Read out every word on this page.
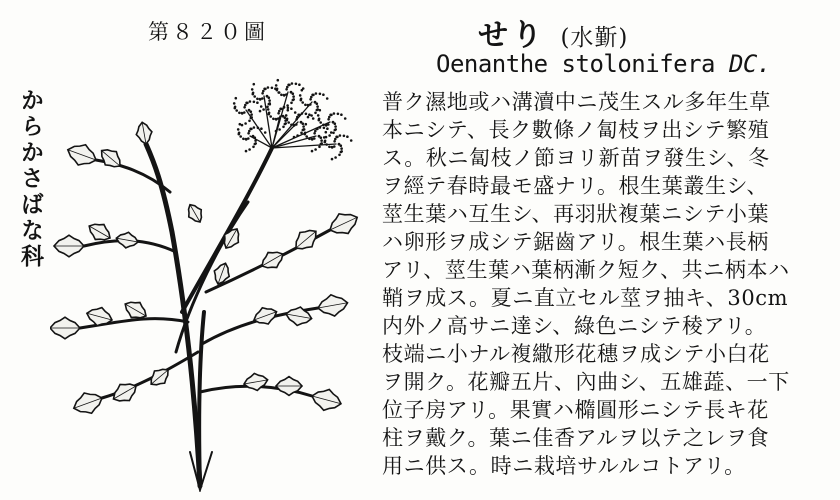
第８２０圖
からかさばな科
せり (水斳)
Oenanthe stolonifera DC.
普ク濕地或ハ溝瀆中ニ茂生スル多年生草
本ニシテ、長ク數條ノ匐枝ヲ出シテ繁殖
ス。秋ニ匐枝ノ節ヨリ新苗ヲ發生シ、冬
ヲ經テ春時最モ盛ナリ。根生葉叢生シ、
莖生葉ハ互生シ、再羽狀複葉ニシテ小葉
ハ卵形ヲ成シテ鋸齒アリ。根生葉ハ長柄
アリ、莖生葉ハ葉柄漸ク短ク、共ニ柄本ハ
鞘ヲ成ス。夏ニ直立セル莖ヲ抽キ、30cm
内外ノ高サニ達シ、綠色ニシテ稜アリ。
枝端ニ小ナル複繖形花穗ヲ成シテ小白花
ヲ開ク。花瓣五片、內曲シ、五雄蕋、一下
位子房アリ。果實ハ橢圓形ニシテ長キ花
柱ヲ戴ク。葉ニ佳香アルヲ以テ之レヲ食
用ニ供ス。時ニ栽培サルルコトアリ。
